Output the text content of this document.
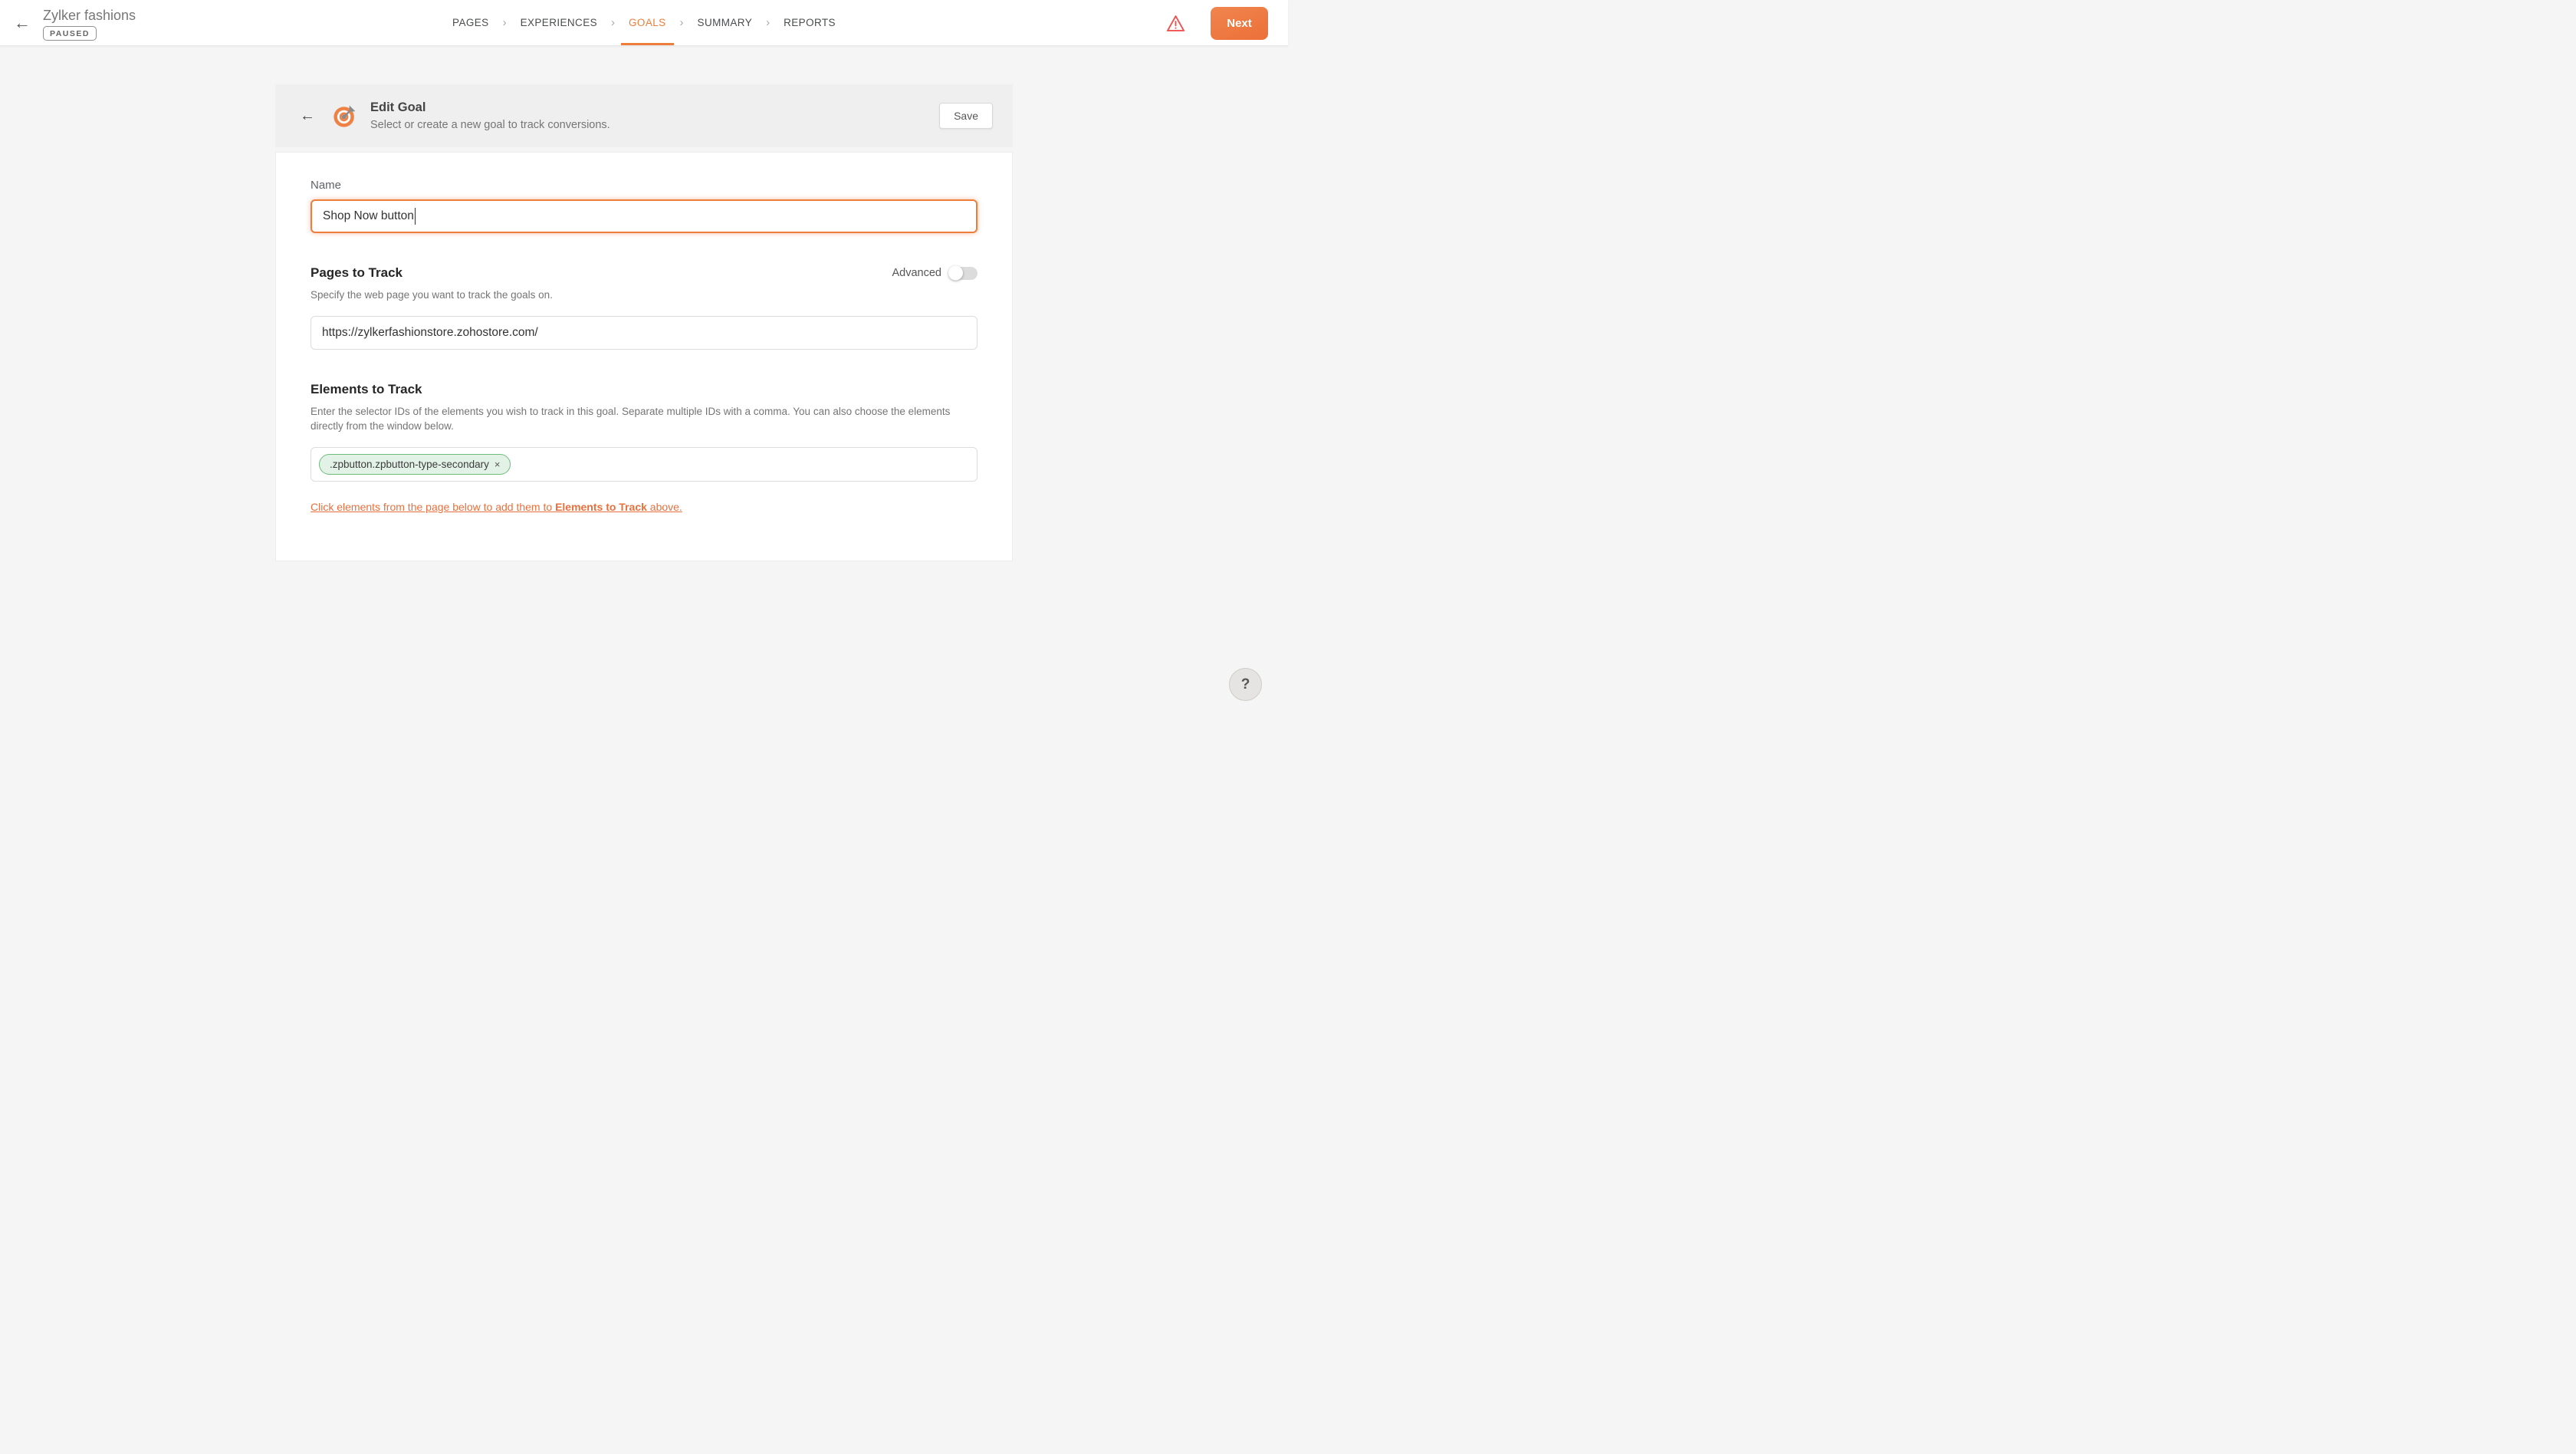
← Zylker fashions
PAUSED
PAGES › EXPERIENCES › GOALS › SUMMARY › REPORTS	Next
←	Edit Goal
Select or create a new goal to track conversions.
Save
Name
Shop Now button
Pages to Track	Advanced
Specify the web page you want to track the goals on.
https://zylkerfashionstore.zohostore.com/
Elements to Track
Enter the selector IDs of the elements you wish to track in this goal. Separate multiple IDs with a comma. You can also choose the elements directly from the window below.
.zpbutton.zpbutton-type-secondary ×
Click elements from the page below to add them to Elements to Track above.
?
